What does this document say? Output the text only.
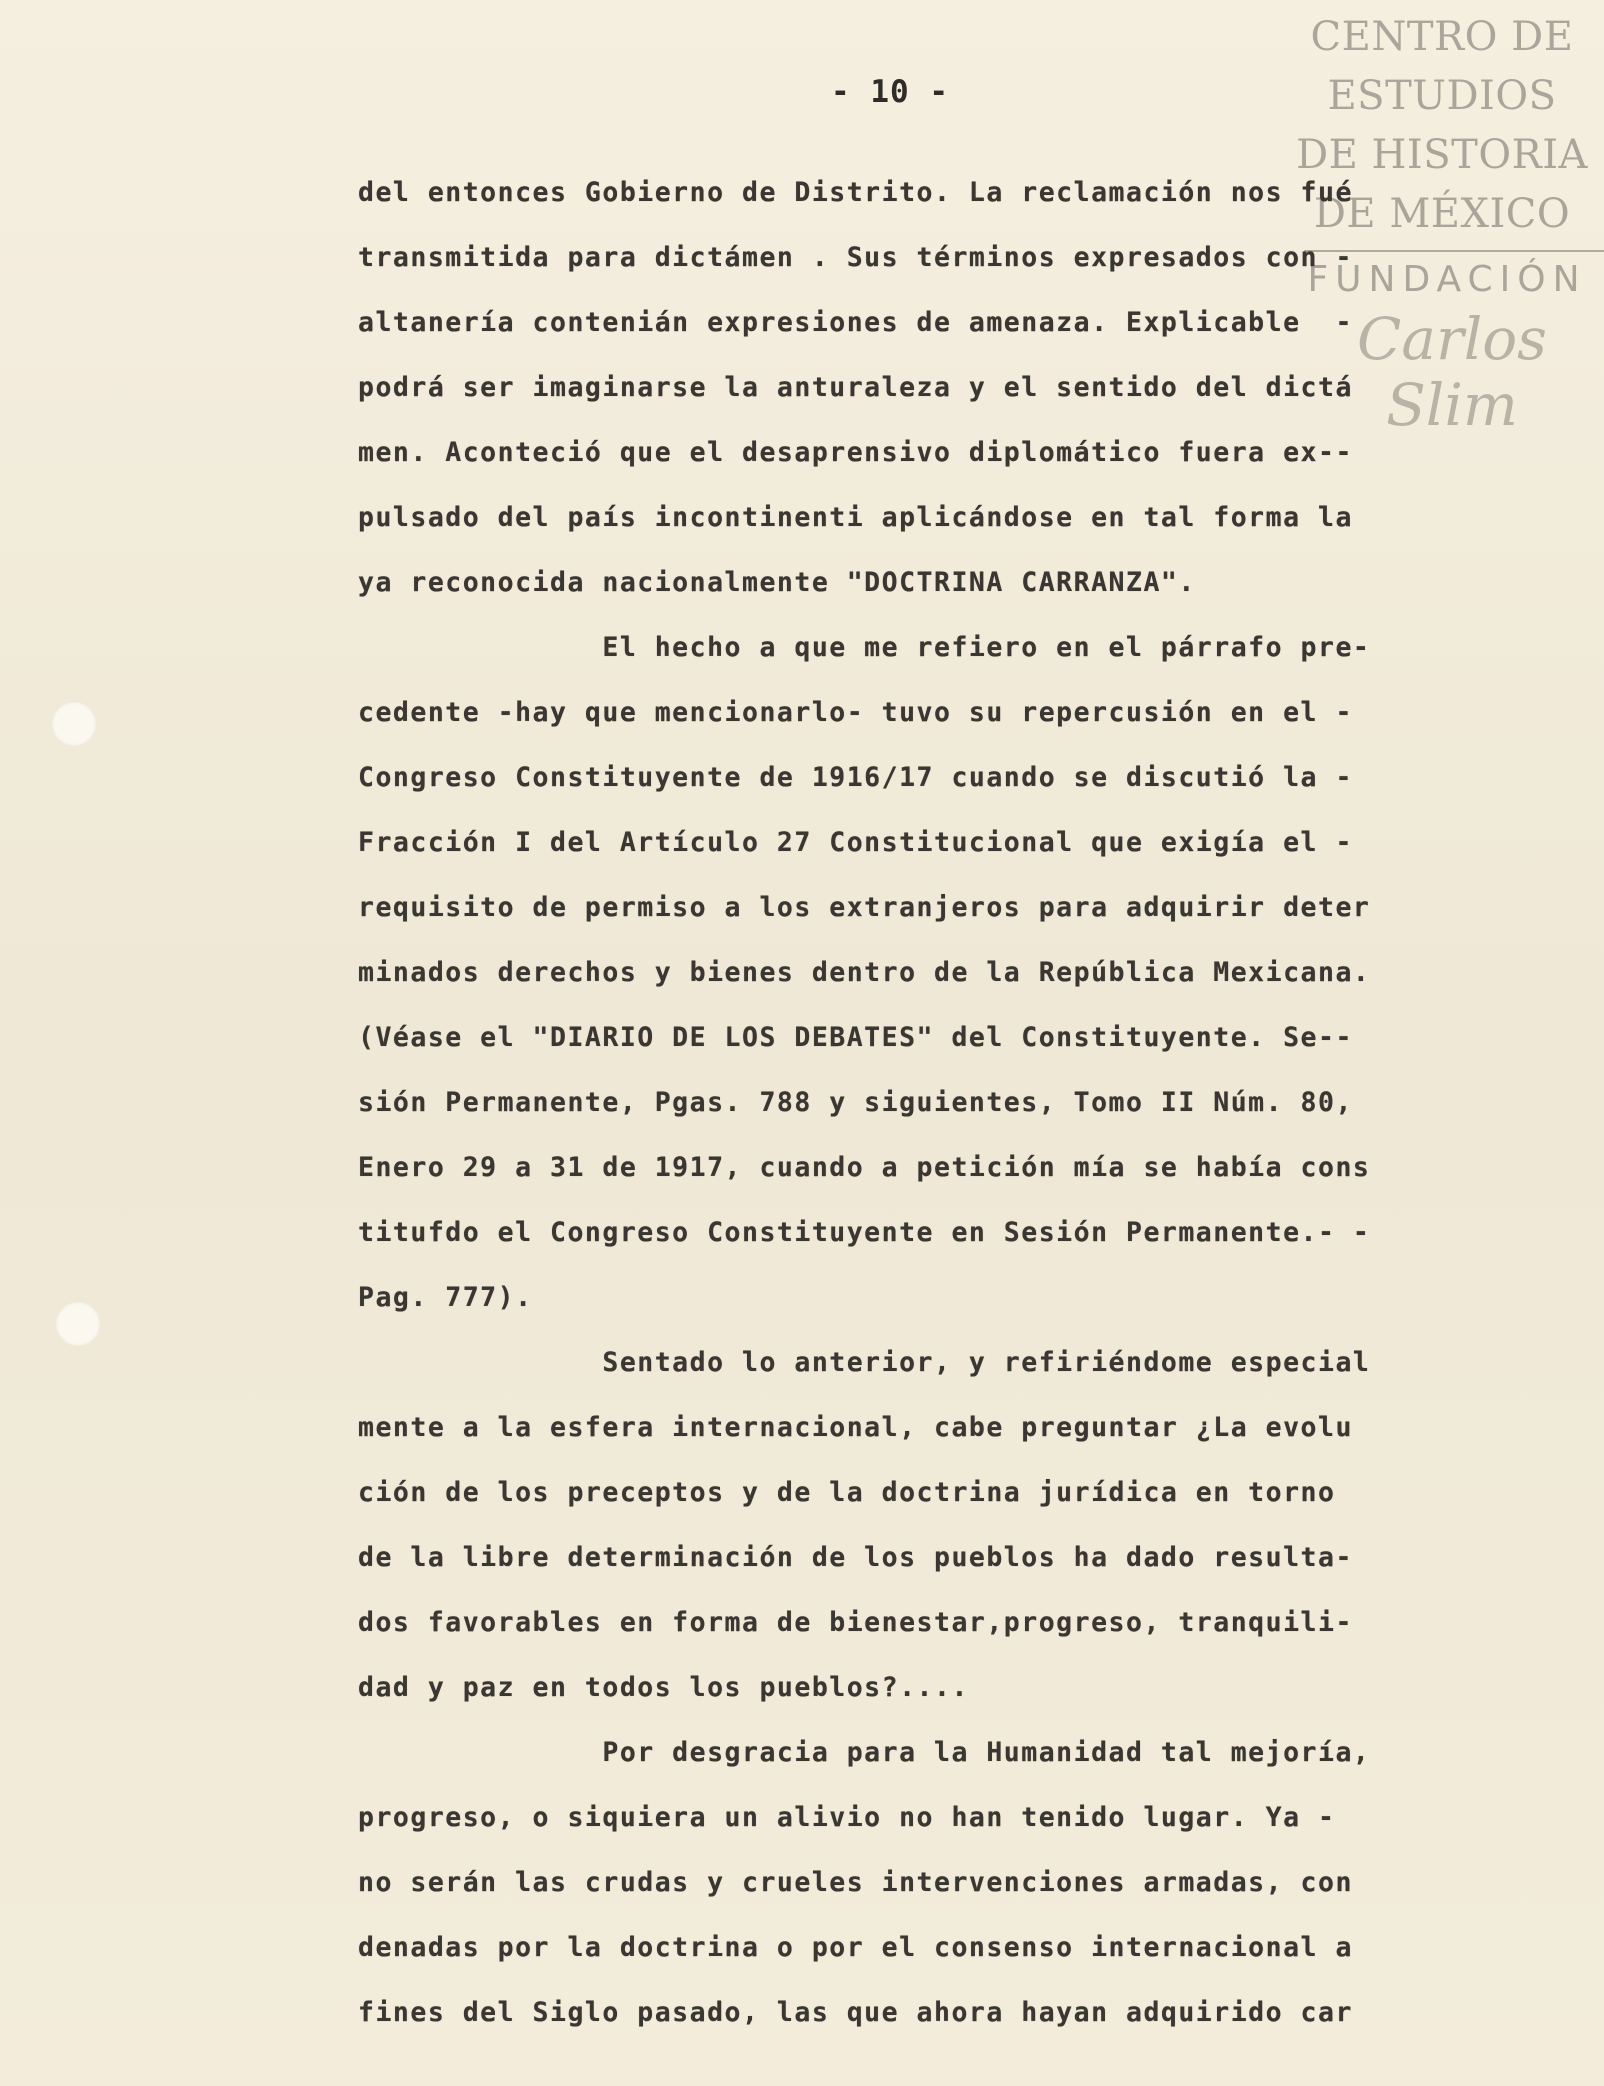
CENTRO DE
ESTUDIOS
DE HISTORIA
DE MÉXICO
FUNDACIÓN
Carlos Slim
- 10 -
del entonces Gobierno de Distrito. La reclamación nos fué
transmitida para dictámen . Sus términos expresados con -
altanería contenián expresiones de amenaza. Explicable  -
podrá ser imaginarse la anturaleza y el sentido del dictá
men. Aconteció que el desaprensivo diplomático fuera ex--
pulsado del país incontinenti aplicándose en tal forma la
ya reconocida nacionalmente "DOCTRINA CARRANZA".
El hecho a que me refiero en el párrafo pre-
cedente -hay que mencionarlo- tuvo su repercusión en el -
Congreso Constituyente de 1916/17 cuando se discutió la -
Fracción I del Artículo 27 Constitucional que exigía el -
requisito de permiso a los extranjeros para adquirir deter
minados derechos y bienes dentro de la República Mexicana.
(Véase el "DIARIO DE LOS DEBATES" del Constituyente. Se--
sión Permanente, Pgas. 788 y siguientes, Tomo II Núm. 80,
Enero 29 a 31 de 1917, cuando a petición mía se había cons
titufdo el Congreso Constituyente en Sesión Permanente.- -
Pag. 777).
Sentado lo anterior, y refiriéndome especial
mente a la esfera internacional, cabe preguntar ¿La evolu
ción de los preceptos y de la doctrina jurídica en torno
de la libre determinación de los pueblos ha dado resulta-
dos favorables en forma de bienestar,progreso, tranquili-
dad y paz en todos los pueblos?....
Por desgracia para la Humanidad tal mejoría,
progreso, o siquiera un alivio no han tenido lugar. Ya -
no serán las crudas y crueles intervenciones armadas, con
denadas por la doctrina o por el consenso internacional a
fines del Siglo pasado, las que ahora hayan adquirido car
